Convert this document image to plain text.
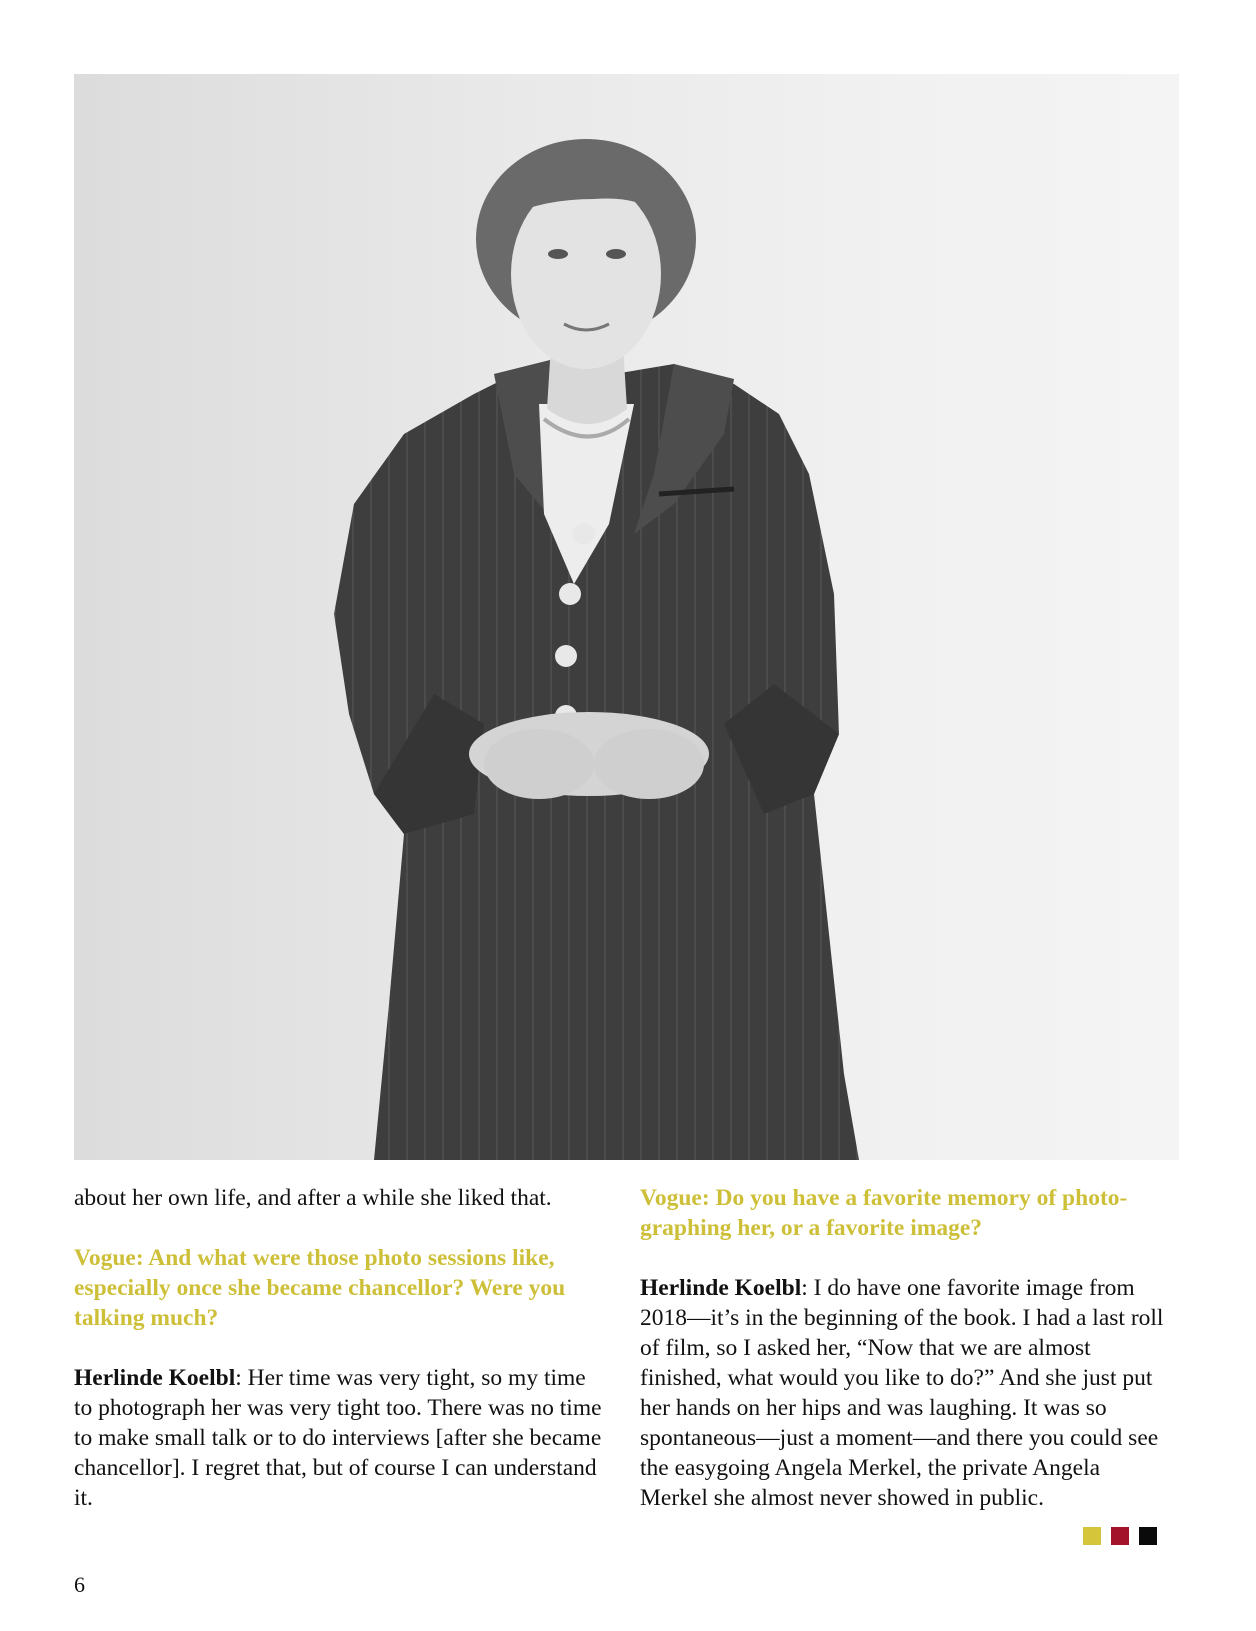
about her own life, and after a while she liked that.

Vogue: And what were those photo sessions like, especially once she became chancellor? Were you talking much?

Herlinde Koelbl: Her time was very tight, so my time to photograph her was very tight too. There was no time to make small talk or to do interviews [after she became chancellor]. I regret that, but of course I can understand it.

Vogue: Do you have a favorite memory of photographing her, or a favorite image?

Herlinde Koelbl: I do have one favorite image from 2018—it’s in the beginning of the book. I had a last roll of film, so I asked her, “Now that we are almost finished, what would you like to do?” And she just put her hands on her hips and was laughing. It was so spontaneous—just a moment—and there you could see the easygoing Angela Merkel, the private Angela Merkel she almost never showed in public.

6
